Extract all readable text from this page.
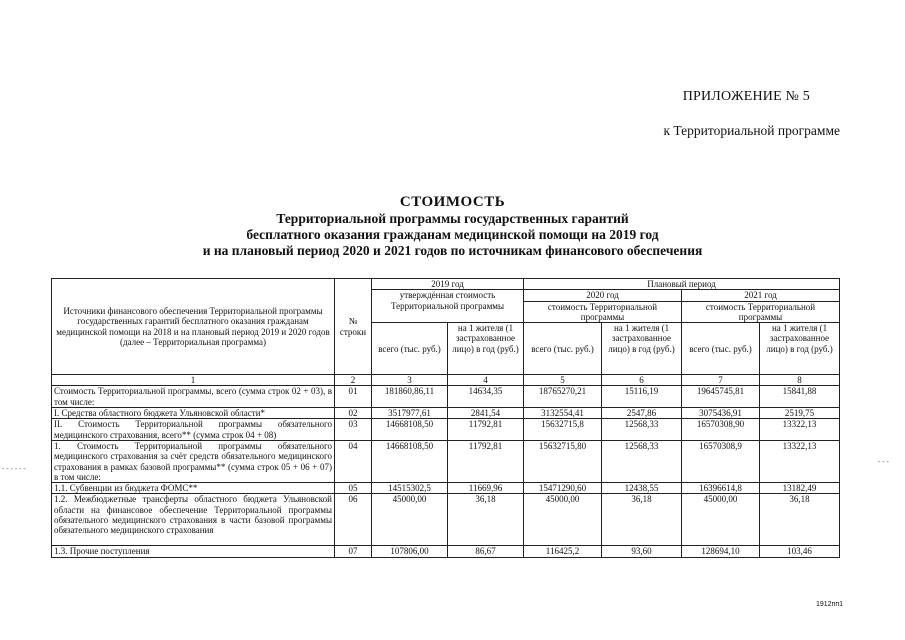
ПРИЛОЖЕНИЕ № 5
к Территориальной программе
СТОИМОСТЬ
Территориальной программы государственных гарантий
бесплатного оказания гражданам медицинской помощи на 2019 год
и на плановый период 2020 и 2021 годов по источникам финансового обеспечения
Источники финансового обеспечения Территориальной программы государственных гарантий бесплатного оказания гражданам медицинской помощи на 2018 и на плановый период 2019 и 2020 годов (далее – Территориальная программа)	№ строки	2019 год		Плановый период			
		утверждённая стоимость Территориальной программы		2020 год		2021 год	
				стоимость Территориальной программы		стоимость Территориальной программы	
		всего (тыс. руб.)	на 1 жителя (1 застрахованное лицо) в год (руб.)	всего (тыс. руб.)	на 1 жителя (1 застрахованное лицо) в год (руб.)	всего (тыс. руб.)	на 1 жителя (1 застрахованное лицо) в год (руб.)
1	2	3	4	5	6	7	8
Стоимость Территориальной программы, всего (сумма строк 02 + 03), в том числе:	01	181860,86,11	14634,35	18765270,21	15116,19	19645745,81	15841,88
I. Средства областного бюджета Ульяновской области*	02	3517977,61	2841,54	3132554,41	2547,86	3075436,91	2519,75
II. Стоимость Территориальной программы обязательного медицинского страхования, всего** (сумма строк 04 + 08)	03	14668108,50	11792,81	15632715,8	12568,33	16570308,90	13322,13
1. Стоимость Территориальной программы обязательного медицинского страхования за счёт средств обязательного медицинского страхования в рамках базовой программы** (сумма строк 05 + 06 + 07) в том числе:	04	14668108,50	11792,81	15632715,80	12568,33	16570308,9	13322,13
1.1. Субвенции из бюджета ФОМС**	05	14515302,5	11669,96	15471290,60	12438,55	16396614,8	13182,49
1.2. Межбюджетные трансферты областного бюджета Ульяновской области на финансовое обеспечение Территориальной программы обязательного медицинского страхования в части базовой программы обязательного медицинского страхования	06	45000,00	36,18	45000,00	36,18	45000,00	36,18
1.3. Прочие поступления	07	107806,00	86,67	116425,2	93,60	128694,10	103,46
- - - - - -
- - -
1912пп1
